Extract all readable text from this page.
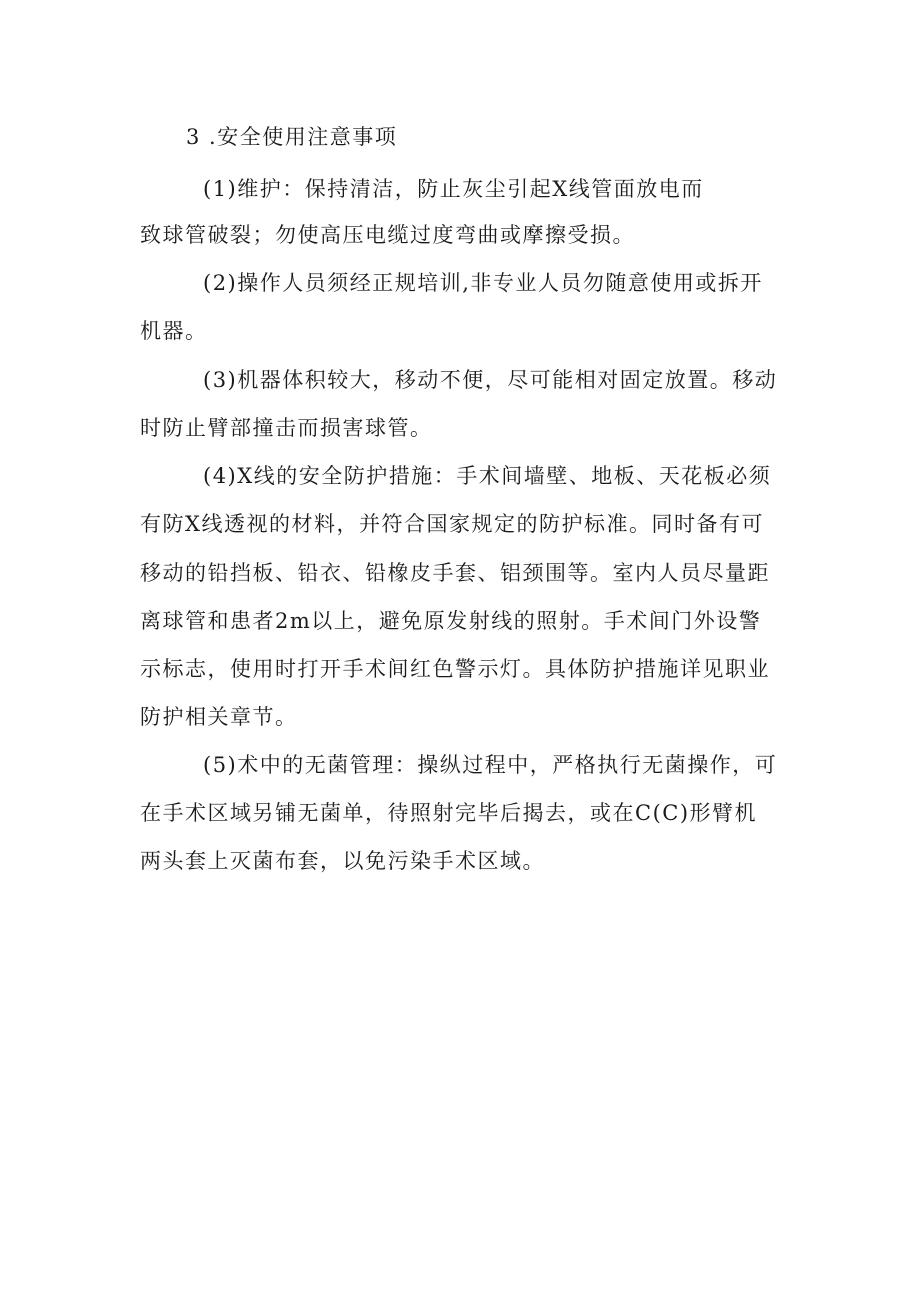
3 .安全使用注意事项
(1)维护：保持清洁，防止灰尘引起X线管面放电而
致球管破裂；勿使高压电缆过度弯曲或摩擦受损。
(2)操作人员须经正规培训,非专业人员勿随意使用或拆开
机器。
(3)机器体积较大，移动不便，尽可能相对固定放置。移动
时防止臂部撞击而损害球管。
(4)X线的安全防护措施：手术间墙壁、地板、天花板必须
有防X线透视的材料，并符合国家规定的防护标准。同时备有可
移动的铅挡板、铅衣、铅橡皮手套、铝颈围等。室内人员尽量距
离球管和患者2m以上，避免原发射线的照射。手术间门外设警
示标志，使用时打开手术间红色警示灯。具体防护措施详见职业
防护相关章节。
(5)术中的无菌管理：操纵过程中，严格执行无菌操作，可
在手术区域另铺无菌单，待照射完毕后揭去，或在C(C)形臂机
两头套上灭菌布套，以免污染手术区域。
